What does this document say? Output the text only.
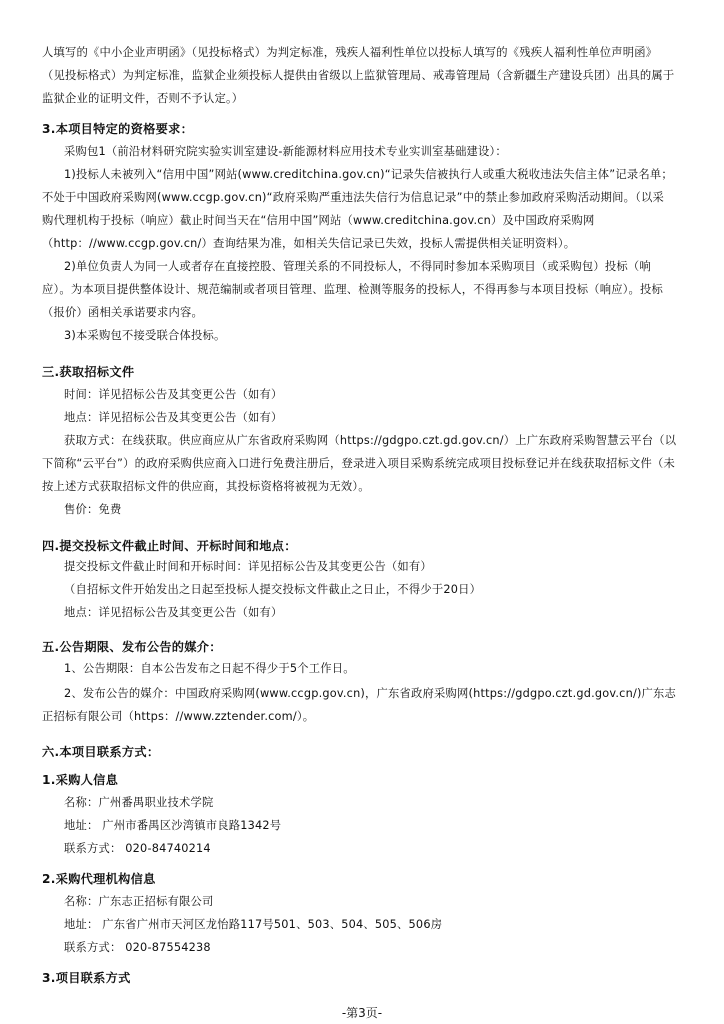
人填写的《中小企业声明函》（见投标格式）为判定标准，残疾人福利性单位以投标人填写的《残疾人福利性单位声明函》
（见投标格式）为判定标准，监狱企业须投标人提供由省级以上监狱管理局、戒毒管理局（含新疆生产建设兵团）出具的属于
监狱企业的证明文件，否则不予认定。）
3.本项目特定的资格要求：
采购包1（前沿材料研究院实验实训室建设-新能源材料应用技术专业实训室基础建设）：
1)投标人未被列入“信用中国”网站(www.creditchina.gov.cn)“记录失信被执行人或重大税收违法失信主体”记录名单；
不处于中国政府采购网(www.ccgp.gov.cn)“政府采购严重违法失信行为信息记录”中的禁止参加政府采购活动期间。（以采
购代理机构于投标（响应）截止时间当天在“信用中国”网站（www.creditchina.gov.cn）及中国政府采购网
（http：//www.ccgp.gov.cn/）查询结果为准，如相关失信记录已失效，投标人需提供相关证明资料）。
2)单位负责人为同一人或者存在直接控股、管理关系的不同投标人，不得同时参加本采购项目（或采购包）投标（响
应）。为本项目提供整体设计、规范编制或者项目管理、监理、检测等服务的投标人，不得再参与本项目投标（响应）。投标
（报价）函相关承诺要求内容。
3)本采购包不接受联合体投标。
三.获取招标文件
时间：详见招标公告及其变更公告（如有）
地点：详见招标公告及其变更公告（如有）
获取方式：在线获取。供应商应从广东省政府采购网（https://gdgpo.czt.gd.gov.cn/）上广东政府采购智慧云平台（以
下简称“云平台”）的政府采购供应商入口进行免费注册后，登录进入项目采购系统完成项目投标登记并在线获取招标文件（未
按上述方式获取招标文件的供应商，其投标资格将被视为无效）。
售价：免费
四.提交投标文件截止时间、开标时间和地点：
提交投标文件截止时间和开标时间：详见招标公告及其变更公告（如有）
（自招标文件开始发出之日起至投标人提交投标文件截止之日止，不得少于20日）
地点：详见招标公告及其变更公告（如有）
五.公告期限、发布公告的媒介：
1、公告期限：自本公告发布之日起不得少于5个工作日。
2、发布公告的媒介：中国政府采购网(www.ccgp.gov.cn)，广东省政府采购网(https://gdgpo.czt.gd.gov.cn/)广东志
正招标有限公司（https：//www.zztender.com/）。
六.本项目联系方式：
1.采购人信息
名称：广州番禺职业技术学院
地址： 广州市番禺区沙湾镇市良路1342号
联系方式： 020-84740214
2.采购代理机构信息
名称：广东志正招标有限公司
地址： 广东省广州市天河区龙怡路117号501、503、504、505、506房
联系方式： 020-87554238
3.项目联系方式
-第3页-
